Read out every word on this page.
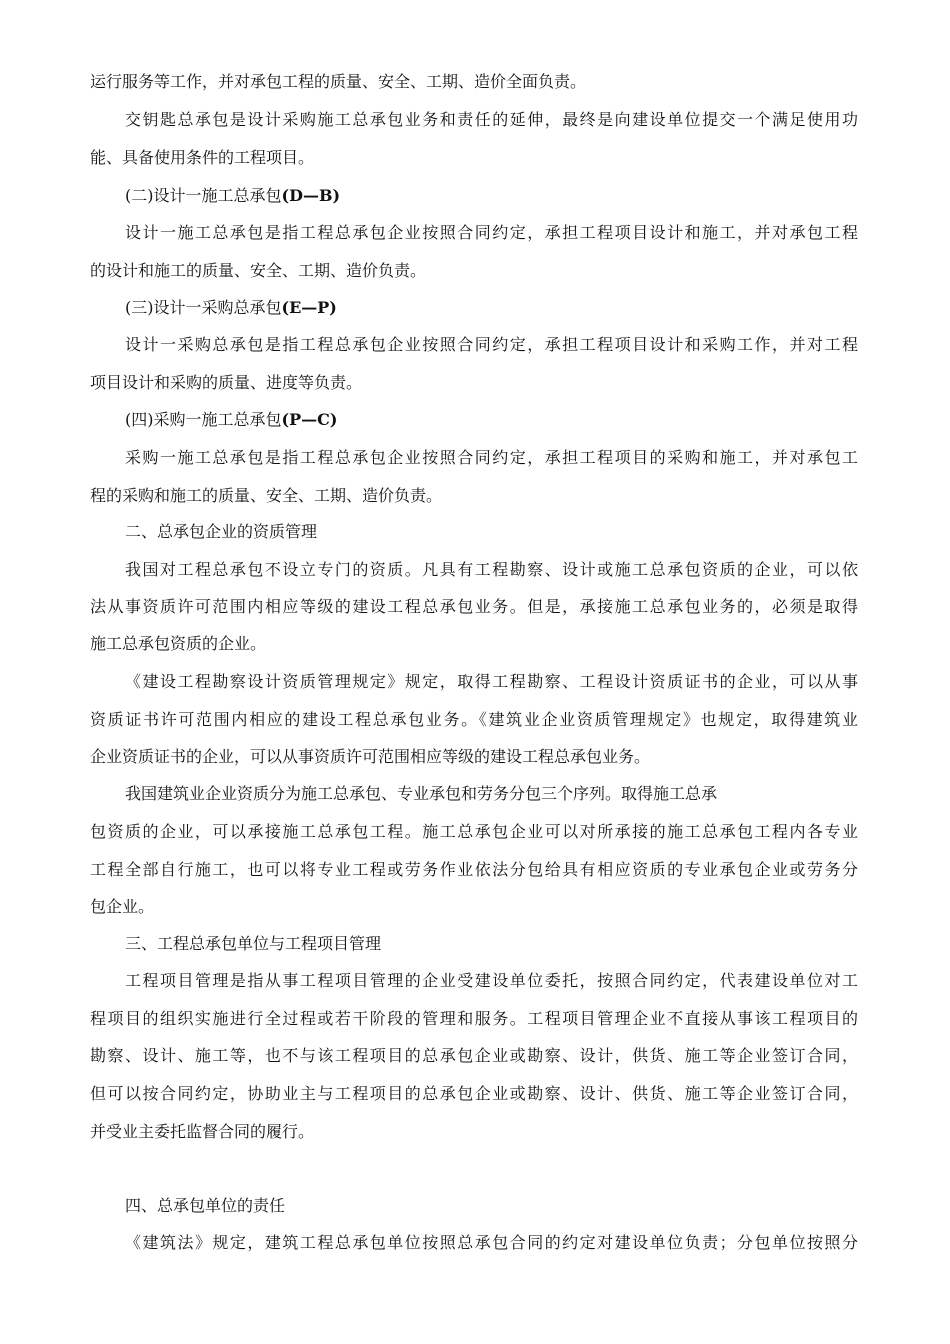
运行服务等工作，并对承包工程的质量、安全、工期、造价全面负责。
交钥匙总承包是设计采购施工总承包业务和责任的延伸，最终是向建设单位提交一个满足使用功
能、具备使用条件的工程项目。
(二)设计一施工总承包(D—B)
设计一施工总承包是指工程总承包企业按照合同约定，承担工程项目设计和施工，并对承包工程
的设计和施工的质量、安全、工期、造价负责。
(三)设计一采购总承包(E—P)
设计一采购总承包是指工程总承包企业按照合同约定，承担工程项目设计和采购工作，并对工程
项目设计和采购的质量、进度等负责。
(四)采购一施工总承包(P—C)
采购一施工总承包是指工程总承包企业按照合同约定，承担工程项目的采购和施工，并对承包工
程的采购和施工的质量、安全、工期、造价负责。
二、总承包企业的资质管理
我国对工程总承包不设立专门的资质。凡具有工程勘察、设计或施工总承包资质的企业，可以依
法从事资质许可范围内相应等级的建设工程总承包业务。但是，承接施工总承包业务的，必须是取得
施工总承包资质的企业。
《建设工程勘察设计资质管理规定》规定，取得工程勘察、工程设计资质证书的企业，可以从事
资质证书许可范围内相应的建设工程总承包业务。《建筑业企业资质管理规定》也规定，取得建筑业
企业资质证书的企业，可以从事资质许可范围相应等级的建设工程总承包业务。
我国建筑业企业资质分为施工总承包、专业承包和劳务分包三个序列。取得施工总承
包资质的企业，可以承接施工总承包工程。施工总承包企业可以对所承接的施工总承包工程内各专业
工程全部自行施工，也可以将专业工程或劳务作业依法分包给具有相应资质的专业承包企业或劳务分
包企业。
三、工程总承包单位与工程项目管理
工程项目管理是指从事工程项目管理的企业受建设单位委托，按照合同约定，代表建设单位对工
程项目的组织实施进行全过程或若干阶段的管理和服务。工程项目管理企业不直接从事该工程项目的
勘察、设计、施工等，也不与该工程项目的总承包企业或勘察、设计，供货、施工等企业签订合同，
但可以按合同约定，协助业主与工程项目的总承包企业或勘察、设计、供货、施工等企业签订合同，
并受业主委托监督合同的履行。
四、总承包单位的责任
《建筑法》规定，建筑工程总承包单位按照总承包合同的约定对建设单位负责；分包单位按照分
